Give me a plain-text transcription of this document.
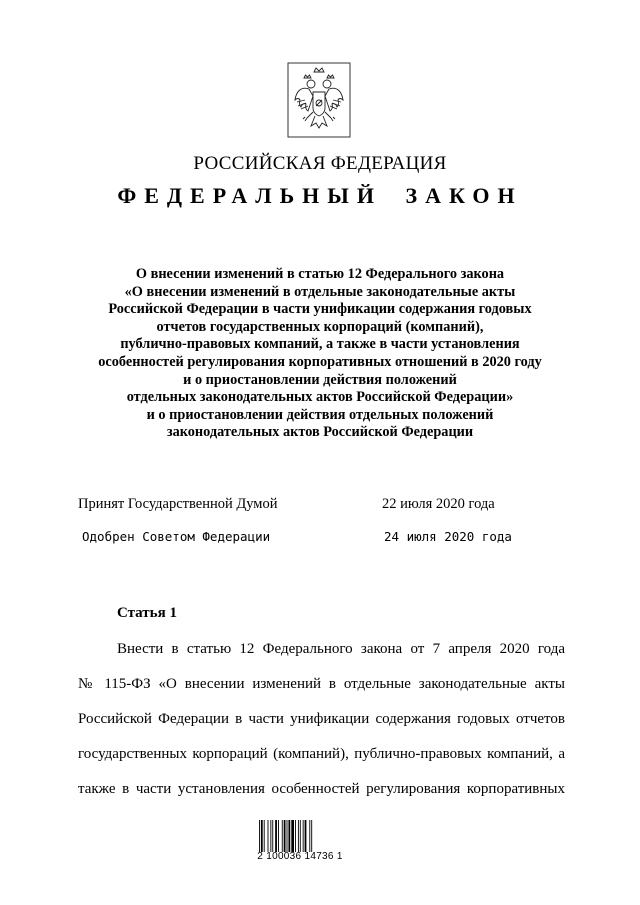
РОССИЙСКАЯ ФЕДЕРАЦИЯ
ФЕДЕРАЛЬНЫЙ ЗАКОН
О внесении изменений в статью 12 Федерального закона
«О внесении изменений в отдельные законодательные акты
Российской Федерации в части унификации содержания годовых
отчетов государственных корпораций (компаний),
публично-правовых компаний, а также в части установления
особенностей регулирования корпоративных отношений в 2020 году
и о приостановлении действия положений
отдельных законодательных актов Российской Федерации»
и о приостановлении действия отдельных положений
законодательных актов Российской Федерации
Принят Государственной Думой	22 июля 2020 года
Одобрен Советом Федерации	24 июля 2020 года
Статья 1
Внести в статью 12 Федерального закона от 7 апреля 2020 года
№ 115-ФЗ «О внесении изменений в отдельные законодательные акты
Российской Федерации в части унификации содержания годовых отчетов
государственных корпораций (компаний), публично-правовых компаний, а
также в части установления особенностей регулирования корпоративных
2 100036 14736 1
